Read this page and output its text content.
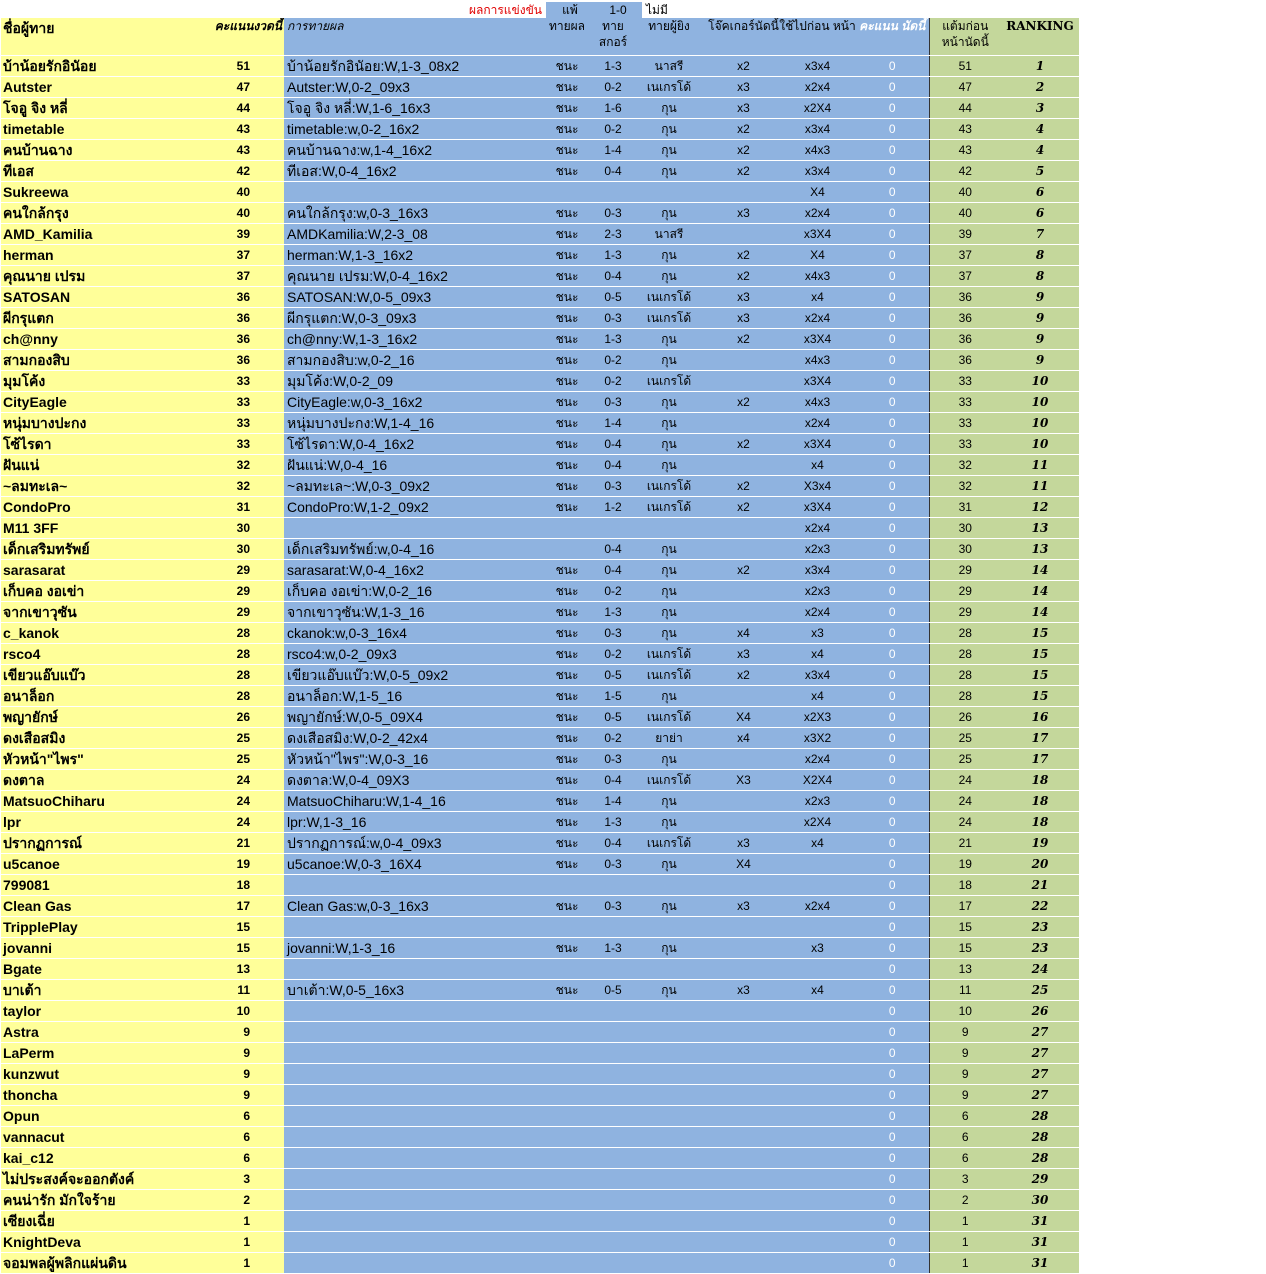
ผลการแข่งขัน	แพ้	1-0	ไม่มี
ชื่อผู้ทาย	คะแนนงวดนี้	การทายผล	ทายผล	ทาย สกอร์	ทายผู้ยิง	โจ๊คเกอร์นัดนี้	ใช้ไปก่อน หน้า	คะแนน นัดนี้	แต้มก่อน หน้านัดนี้	RANKING
บ้าน้อยรักอินัอย	51	บ้าน้อยรักอินัอย:W,1-3_08x2	ชนะ	1-3	นาสรี	x2	x3x4	0	51	1
Autster	47	Autster:W,0-2_09x3	ชนะ	0-2	เนเกรโด้	x3	x2x4	0	47	2
โจอู จิง หลี่	44	โจอู จิง หลี่:W,1-6_16x3	ชนะ	1-6	กุน	x3	x2X4	0	44	3
timetable	43	timetable:w,0-2_16x2	ชนะ	0-2	กุน	x2	x3x4	0	43	4
คนบ้านฉาง	43	คนบ้านฉาง:w,1-4_16x2	ชนะ	1-4	กุน	x2	x4x3	0	43	4
ทีเอส	42	ทีเอส:W,0-4_16x2	ชนะ	0-4	กุน	x2	x3x4	0	42	5
Sukreewa	40						X4	0	40	6
คนใกล้กรุง	40	คนใกล้กรุง:w,0-3_16x3	ชนะ	0-3	กุน	x3	x2x4	0	40	6
AMD_Kamilia	39	AMDKamilia:W,2-3_08	ชนะ	2-3	นาสรี		x3X4	0	39	7
herman	37	herman:W,1-3_16x2	ชนะ	1-3	กุน	x2	X4	0	37	8
คุณนาย เปรม	37	คุณนาย เปรม:W,0-4_16x2	ชนะ	0-4	กุน	x2	x4x3	0	37	8
SATOSAN	36	SATOSAN:W,0-5_09x3	ชนะ	0-5	เนเกรโด้	x3	x4	0	36	9
ผีกรุแตก	36	ผีกรุแตก:W,0-3_09x3	ชนะ	0-3	เนเกรโด้	x3	x2x4	0	36	9
ch@nny	36	ch@nny:W,1-3_16x2	ชนะ	1-3	กุน	x2	x3X4	0	36	9
สามกองสิบ	36	สามกองสิบ:w,0-2_16	ชนะ	0-2	กุน		x4x3	0	36	9
มุมโค้ง	33	มุมโค้ง:W,0-2_09	ชนะ	0-2	เนเกรโด้		x3X4	0	33	10
CityEagle	33	CityEagle:w,0-3_16x2	ชนะ	0-3	กุน	x2	x4x3	0	33	10
หนุ่มบางปะกง	33	หนุ่มบางปะกง:W,1-4_16	ชนะ	1-4	กุน		x2x4	0	33	10
โซ้ไรดา	33	โซ้ไรดา:W,0-4_16x2	ชนะ	0-4	กุน	x2	x3X4	0	33	10
ฝันแน่	32	ฝันแน่:W,0-4_16	ชนะ	0-4	กุน		x4	0	32	11
~ลมทะเล~	32	~ลมทะเล~:W,0-3_09x2	ชนะ	0-3	เนเกรโด้	x2	X3x4	0	32	11
CondoPro	31	CondoPro:W,1-2_09x2	ชนะ	1-2	เนเกรโด้	x2	x3X4	0	31	12
M11 3FF	30						x2x4	0	30	13
เด็กเสริมทรัพย์	30	เด็กเสริมทรัพย์:w,0-4_16		0-4	กุน		x2x3	0	30	13
sarasarat	29	sarasarat:W,0-4_16x2	ชนะ	0-4	กุน	x2	x3x4	0	29	14
เก็บคอ งอเข่า	29	เก็บคอ งอเข่า:W,0-2_16	ชนะ	0-2	กุน		x2x3	0	29	14
จากเขาวุซัน	29	จากเขาวุซัน:W,1-3_16	ชนะ	1-3	กุน		x2x4	0	29	14
c_kanok	28	ckanok:w,0-3_16x4	ชนะ	0-3	กุน	x4	x3	0	28	15
rsco4	28	rsco4:w,0-2_09x3	ชนะ	0-2	เนเกรโด้	x3	x4	0	28	15
เขียวแอ๊บแบ๊ว	28	เขียวแอ๊บแบ๊ว:W,0-5_09x2	ชนะ	0-5	เนเกรโด้	x2	x3x4	0	28	15
อนาล็อก	28	อนาล็อก:W,1-5_16	ชนะ	1-5	กุน		x4	0	28	15
พญายักษ์	26	พญายักษ์:W,0-5_09X4	ชนะ	0-5	เนเกรโด้	X4	x2X3	0	26	16
ดงเสือสมิง	25	ดงเสือสมิง:W,0-2_42x4	ชนะ	0-2	ยาย่า	x4	x3X2	0	25	17
หัวหน้า"ไพร"	25	หัวหน้า"ไพร":W,0-3_16	ชนะ	0-3	กุน		x2x4	0	25	17
ดงตาล	24	ดงตาล:W,0-4_09X3	ชนะ	0-4	เนเกรโด้	X3	X2X4	0	24	18
MatsuoChiharu	24	MatsuoChiharu:W,1-4_16	ชนะ	1-4	กุน		x2x3	0	24	18
lpr	24	lpr:W,1-3_16	ชนะ	1-3	กุน		x2X4	0	24	18
ปรากฏการณ์	21	ปรากฏการณ์:w,0-4_09x3	ชนะ	0-4	เนเกรโด้	x3	x4	0	21	19
u5canoe	19	u5canoe:W,0-3_16X4	ชนะ	0-3	กุน	X4		0	19	20
799081	18							0	18	21
Clean Gas	17	Clean Gas:w,0-3_16x3	ชนะ	0-3	กุน	x3	x2x4	0	17	22
TripplePlay	15							0	15	23
jovanni	15	jovanni:W,1-3_16	ชนะ	1-3	กุน		x3	0	15	23
Bgate	13							0	13	24
บาเต้า	11	บาเต้า:W,0-5_16x3	ชนะ	0-5	กุน	x3	x4	0	11	25
taylor	10							0	10	26
Astra	9							0	9	27
LaPerm	9							0	9	27
kunzwut	9							0	9	27
thoncha	9							0	9	27
Opun	6							0	6	28
vannacut	6							0	6	28
kai_c12	6							0	6	28
ไม่ประสงค์จะออกตังค์	3							0	3	29
คนน่ารัก มักใจร้าย	2							0	2	30
เซียงเฉี่ย	1							0	1	31
KnightDeva	1							0	1	31
จอมพลผู้พลิกแผ่นดิน	1							0	1	31
